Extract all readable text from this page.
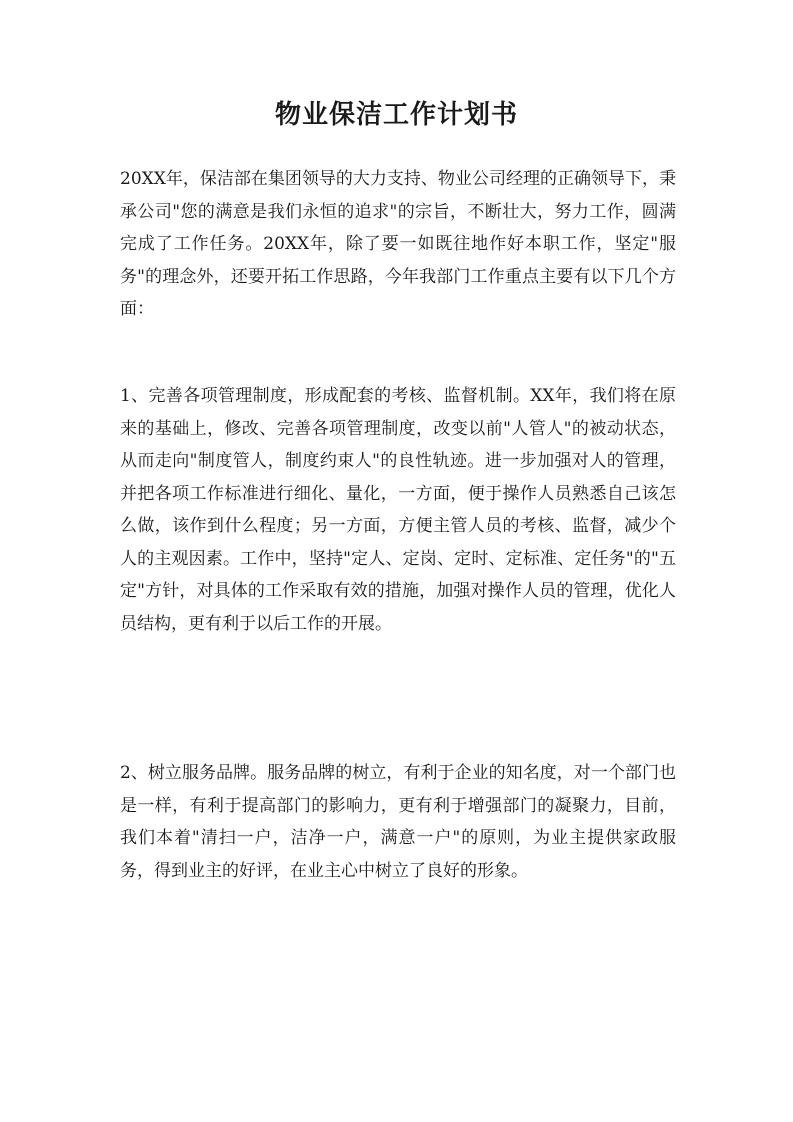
物业保洁工作计划书

20XX年，保洁部在集团领导的大力支持、物业公司经理的正确领导下，秉承公司"您的满意是我们永恒的追求"的宗旨，不断壮大，努力工作，圆满完成了工作任务。20XX年，除了要一如既往地作好本职工作，坚定"服务"的理念外，还要开拓工作思路，今年我部门工作重点主要有以下几个方面：

1、完善各项管理制度，形成配套的考核、监督机制。XX年，我们将在原来的基础上，修改、完善各项管理制度，改变以前"人管人"的被动状态，从而走向"制度管人，制度约束人"的良性轨迹。进一步加强对人的管理，并把各项工作标准进行细化、量化，一方面，便于操作人员熟悉自己该怎么做，该作到什么程度；另一方面，方便主管人员的考核、监督，减少个人的主观因素。工作中，坚持"定人、定岗、定时、定标准、定任务"的"五定"方针，对具体的工作采取有效的措施，加强对操作人员的管理，优化人员结构，更有利于以后工作的开展。

2、树立服务品牌。服务品牌的树立，有利于企业的知名度，对一个部门也是一样，有利于提高部门的影响力，更有利于增强部门的凝聚力，目前，我们本着"清扫一户，洁净一户，满意一户"的原则，为业主提供家政服务，得到业主的好评，在业主心中树立了良好的形象。
